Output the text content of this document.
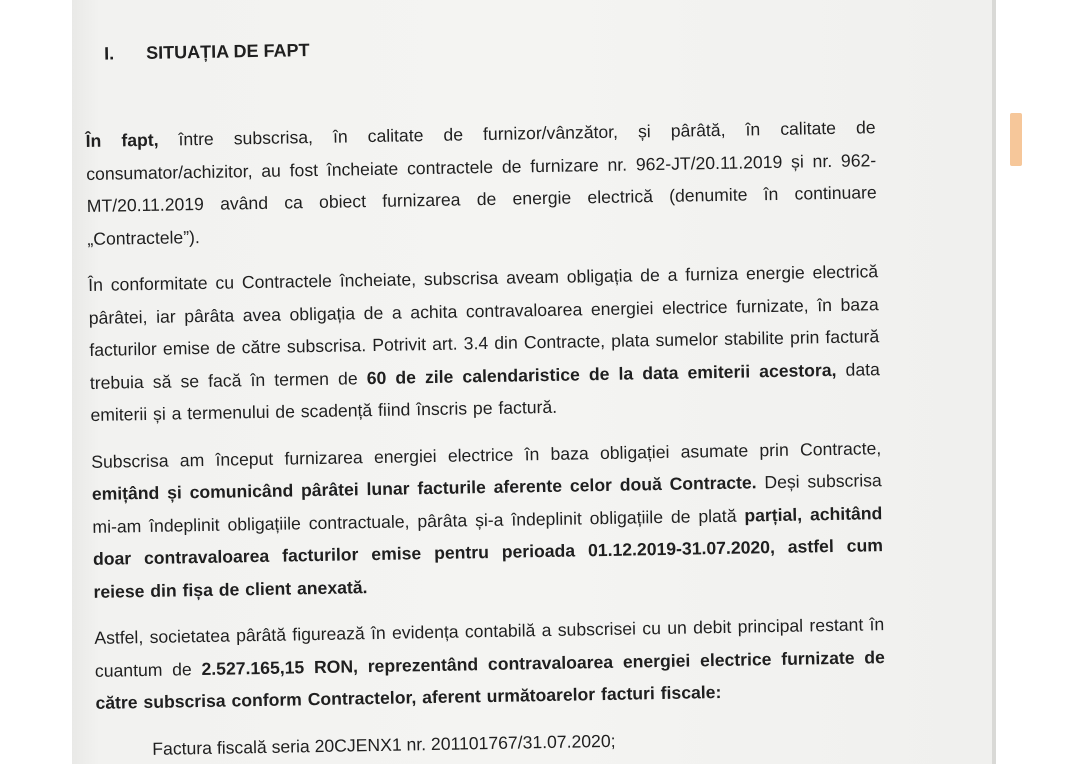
I. SITUAȚIA DE FAPT

În fapt, între subscrisa, în calitate de furnizor/vânzător, și pârâtă, în calitate de consumator/achizitor, au fost încheiate contractele de furnizare nr. 962-JT/20.11.2019 și nr. 962-MT/20.11.2019 având ca obiect furnizarea de energie electrică (denumite în continuare „Contractele”).

În conformitate cu Contractele încheiate, subscrisa aveam obligația de a furniza energie electrică pârâtei, iar pârâta avea obligația de a achita contravaloarea energiei electrice furnizate, în baza facturilor emise de către subscrisa. Potrivit art. 3.4 din Contracte, plata sumelor stabilite prin factură trebuia să se facă în termen de 60 de zile calendaristice de la data emiterii acestora, data emiterii și a termenului de scadență fiind înscris pe factură.

Subscrisa am început furnizarea energiei electrice în baza obligației asumate prin Contracte, emițând și comunicând pârâtei lunar facturile aferente celor două Contracte. Deși subscrisa mi-am îndeplinit obligațiile contractuale, pârâta și-a îndeplinit obligațiile de plată parțial, achitând doar contravaloarea facturilor emise pentru perioada 01.12.2019-31.07.2020, astfel cum reiese din fișa de client anexată.

Astfel, societatea pârâtă figurează în evidența contabilă a subscrisei cu un debit principal restant în cuantum de 2.527.165,15 RON, reprezentând contravaloarea energiei electrice furnizate de către subscrisa conform Contractelor, aferent următoarelor facturi fiscale:

Factura fiscală seria 20CJENX1 nr. 201101767/31.07.2020;
